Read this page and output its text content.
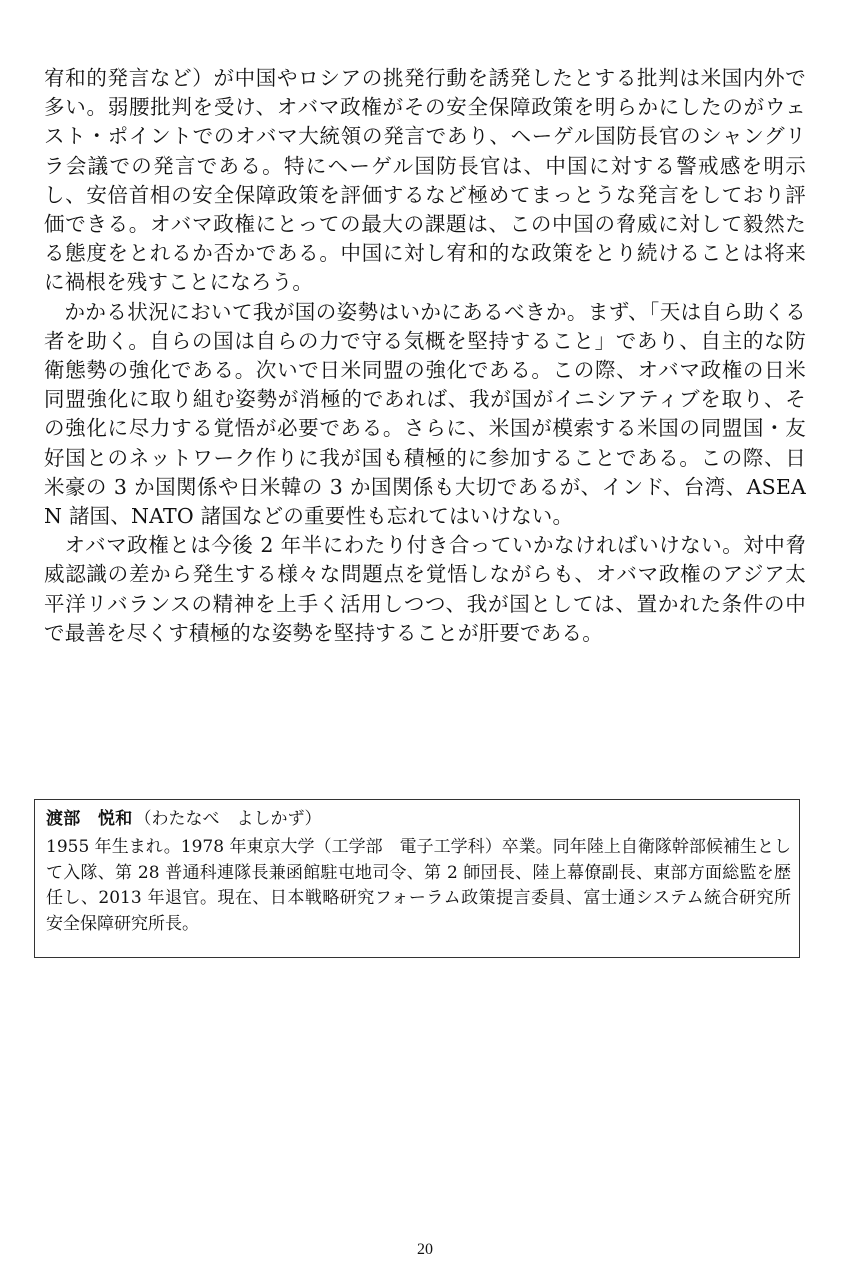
宥和的発言など）が中国やロシアの挑発行動を誘発したとする批判は米国内外で多い。弱腰批判を受け、オバマ政権がその安全保障政策を明らかにしたのがウェスト・ポイントでのオバマ大統領の発言であり、ヘーゲル国防長官のシャングリラ会議での発言である。特にヘーゲル国防長官は、中国に対する警戒感を明示し、安倍首相の安全保障政策を評価するなど極めてまっとうな発言をしており評価できる。オバマ政権にとっての最大の課題は、この中国の脅威に対して毅然たる態度をとれるか否かである。中国に対し宥和的な政策をとり続けることは将来に禍根を残すことになろう。

かかる状況において我が国の姿勢はいかにあるべきか。まず、「天は自ら助くる者を助く。自らの国は自らの力で守る気概を堅持すること」であり、自主的な防衛態勢の強化である。次いで日米同盟の強化である。この際、オバマ政権の日米同盟強化に取り組む姿勢が消極的であれば、我が国がイニシアティブを取り、その強化に尽力する覚悟が必要である。さらに、米国が模索する米国の同盟国・友好国とのネットワーク作りに我が国も積極的に参加することである。この際、日米豪の 3 か国関係や日米韓の 3 か国関係も大切であるが、インド、台湾、ASEAN 諸国、NATO 諸国などの重要性も忘れてはいけない。

オバマ政権とは今後 2 年半にわたり付き合っていかなければいけない。対中脅威認識の差から発生する様々な問題点を覚悟しながらも、オバマ政権のアジア太平洋リバランスの精神を上手く活用しつつ、我が国としては、置かれた条件の中で最善を尽くす積極的な姿勢を堅持することが肝要である。

渡部　悦和 （わたなべ　よしかず）

1955 年生まれ。1978 年東京大学（工学部　電子工学科）卒業。同年陸上自衛隊幹部候補生として入隊、第 28 普通科連隊長兼函館駐屯地司令、第 2 師団長、陸上幕僚副長、東部方面総監を歴任し、2013 年退官。現在、日本戦略研究フォーラム政策提言委員、富士通システム統合研究所　安全保障研究所長。

20
